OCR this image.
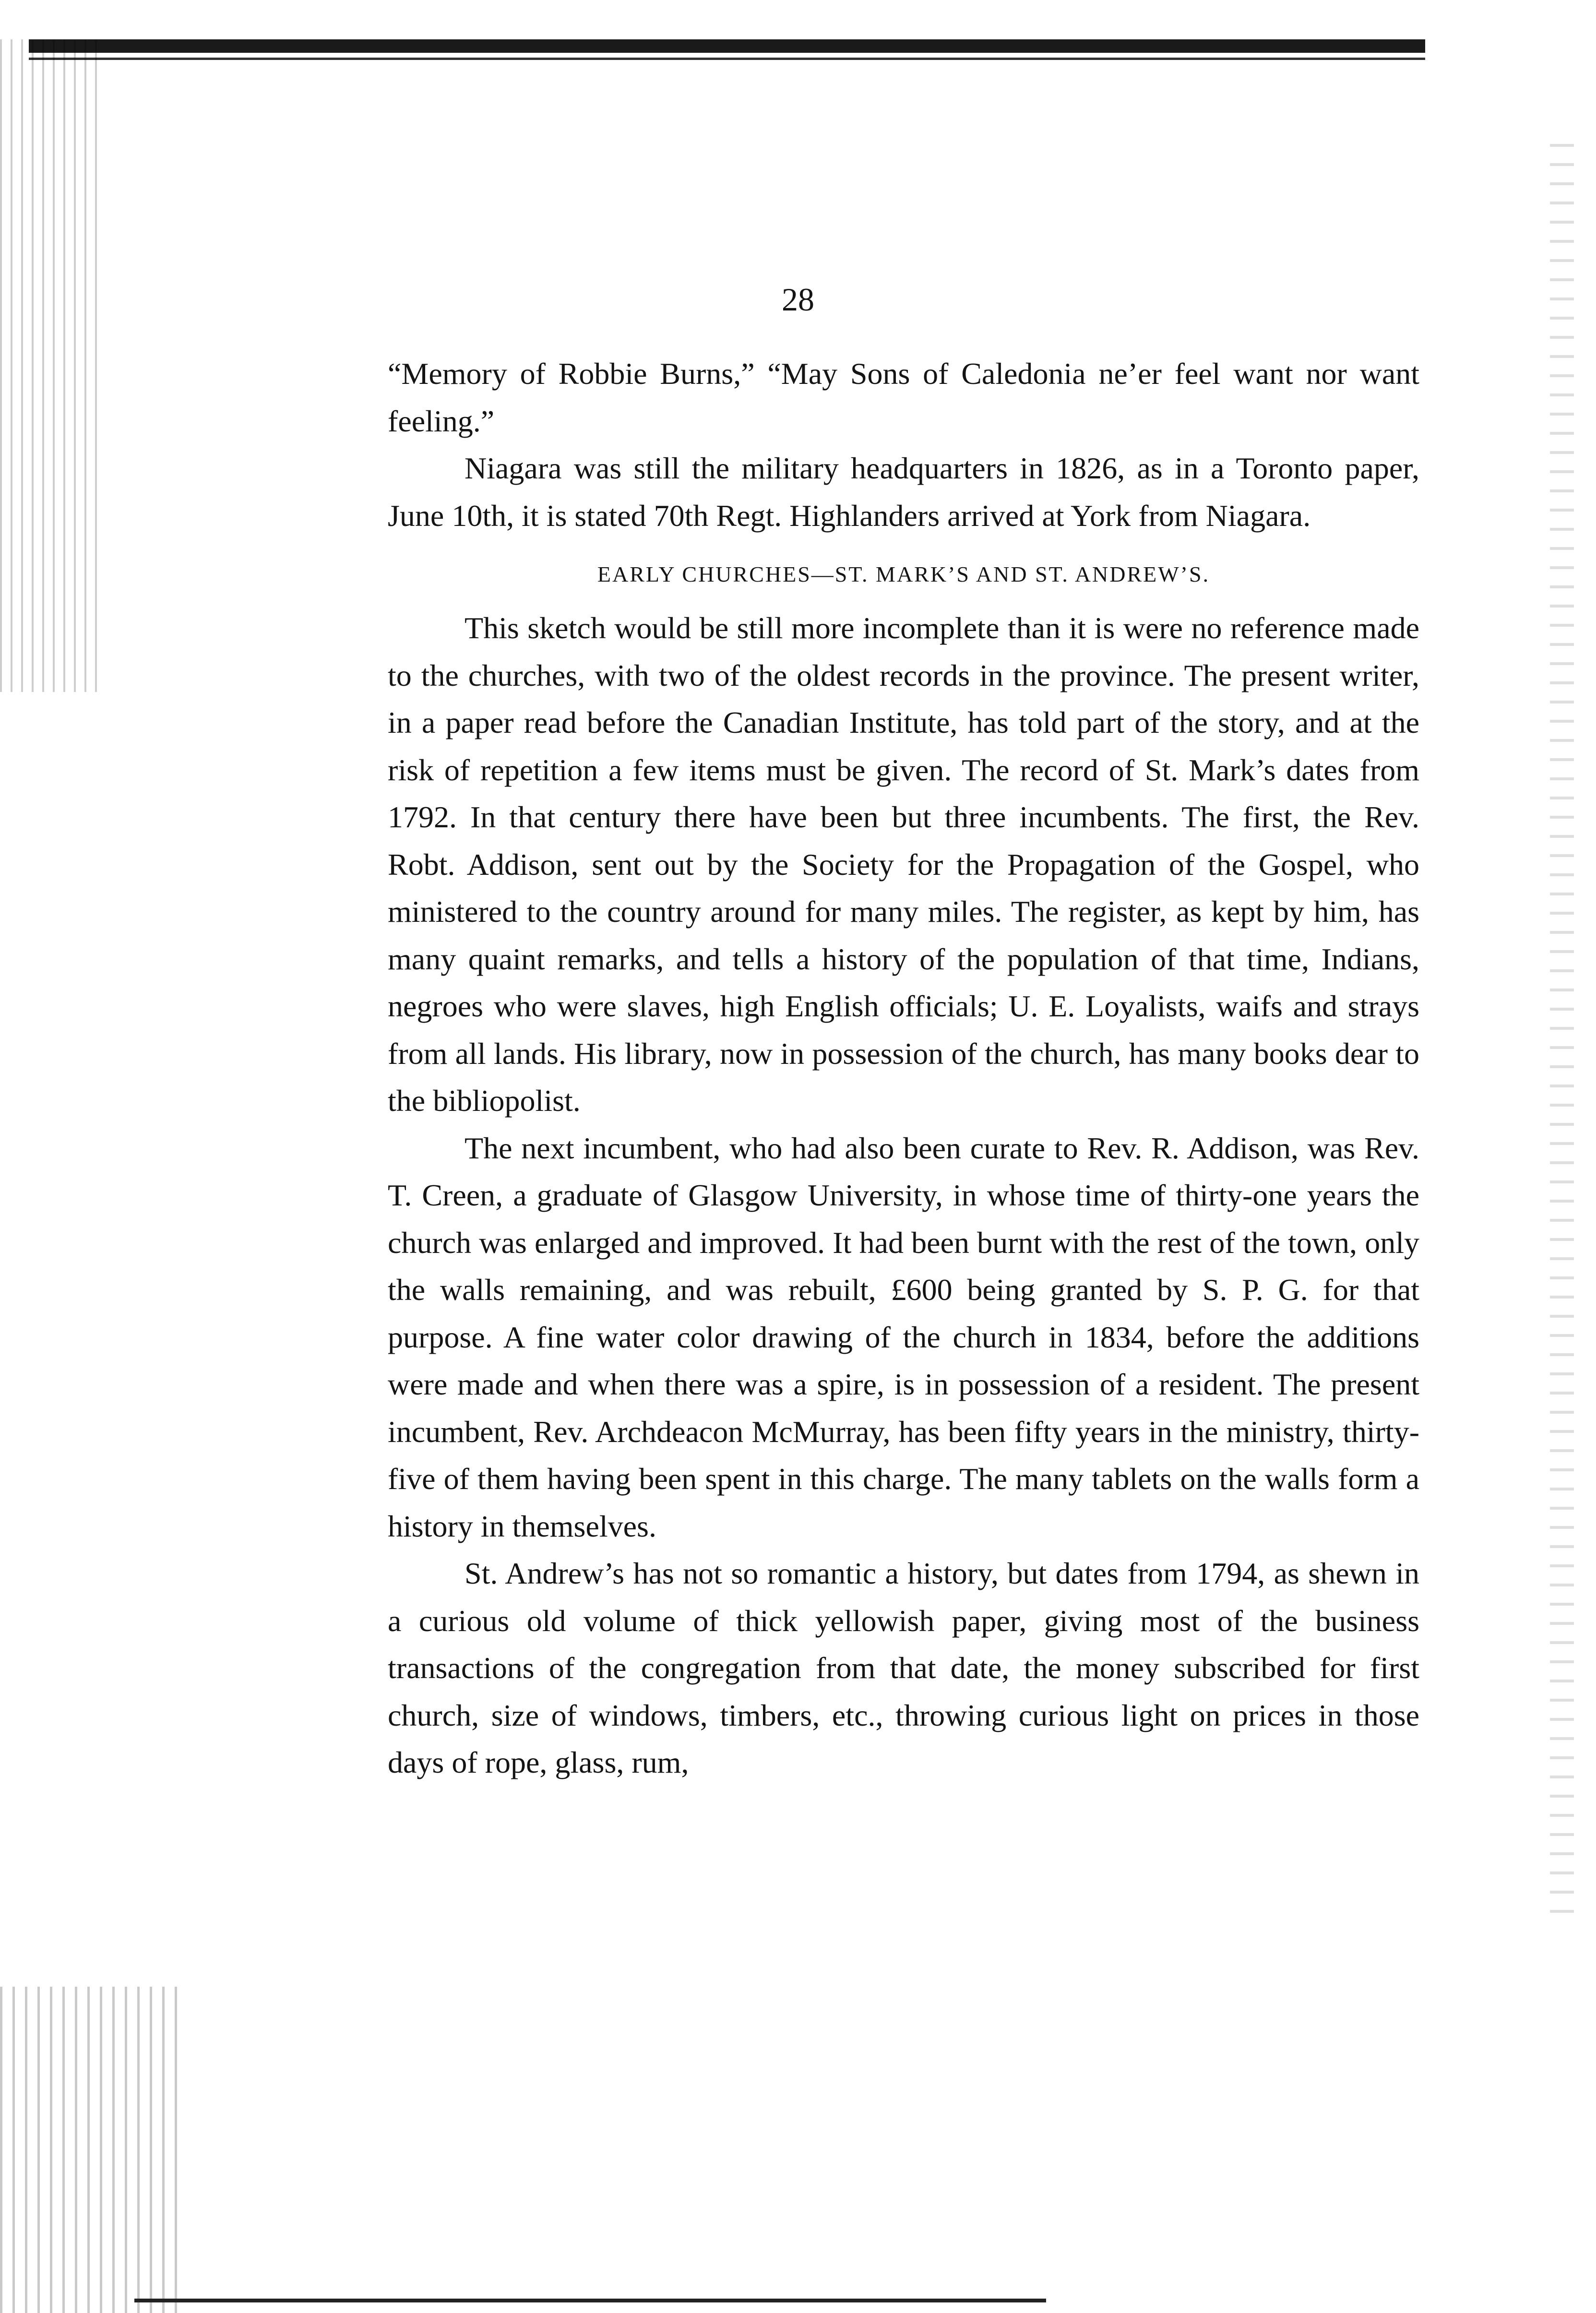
28

“Memory of Robbie Burns,” “May Sons of Caledonia ne’er feel want nor want feeling.”

Niagara was still the military headquarters in 1826, as in a Toronto paper, June 10th, it is stated 70th Regt. Highlanders arrived at York from Niagara.

EARLY CHURCHES—ST. MARK’S AND ST. ANDREW’S.

This sketch would be still more incomplete than it is were no reference made to the churches, with two of the oldest records in the province. The present writer, in a paper read before the Canadian Institute, has told part of the story, and at the risk of repetition a few items must be given. The record of St. Mark’s dates from 1792. In that century there have been but three incumbents. The first, the Rev. Robt. Addison, sent out by the Society for the Propagation of the Gospel, who ministered to the country around for many miles. The register, as kept by him, has many quaint remarks, and tells a history of the population of that time, Indians, negroes who were slaves, high English officials; U. E. Loyalists, waifs and strays from all lands. His library, now in possession of the church, has many books dear to the bibliopolist.

The next incumbent, who had also been curate to Rev. R. Addison, was Rev. T. Creen, a graduate of Glasgow University, in whose time of thirty-one years the church was enlarged and improved. It had been burnt with the rest of the town, only the walls remaining, and was rebuilt, £600 being granted by S. P. G. for that purpose. A fine water color drawing of the church in 1834, before the additions were made and when there was a spire, is in possession of a resident. The present incumbent, Rev. Archdeacon McMurray, has been fifty years in the ministry, thirty-five of them having been spent in this charge. The many tablets on the walls form a history in themselves.

St. Andrew’s has not so romantic a history, but dates from 1794, as shewn in a curious old volume of thick yellowish paper, giving most of the business transactions of the congregation from that date, the money subscribed for first church, size of windows, timbers, etc., throwing curious light on prices in those days of rope, glass, rum,
